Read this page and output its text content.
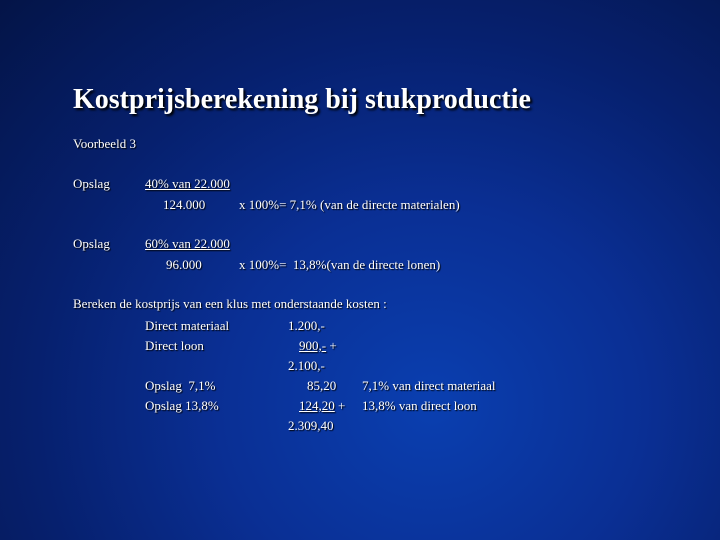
Kostprijsberekening bij stukproductie
Voorbeeld 3
Opslag	40% van 22.000
124.000	x 100%= 7,1% (van de directe materialen)
Opslag	60% van 22.000
96.000	x 100%=  13,8%(van de directe lonen)
Bereken de kostprijs van een klus met onderstaande kosten :
Direct materiaal	1.200,-
Direct loon	900,- +
2.100,-
Opslag  7,1%	85,20 7,1% van direct materiaal
Opslag 13,8%	124,20 + 13,8% van direct loon
2.309,40
